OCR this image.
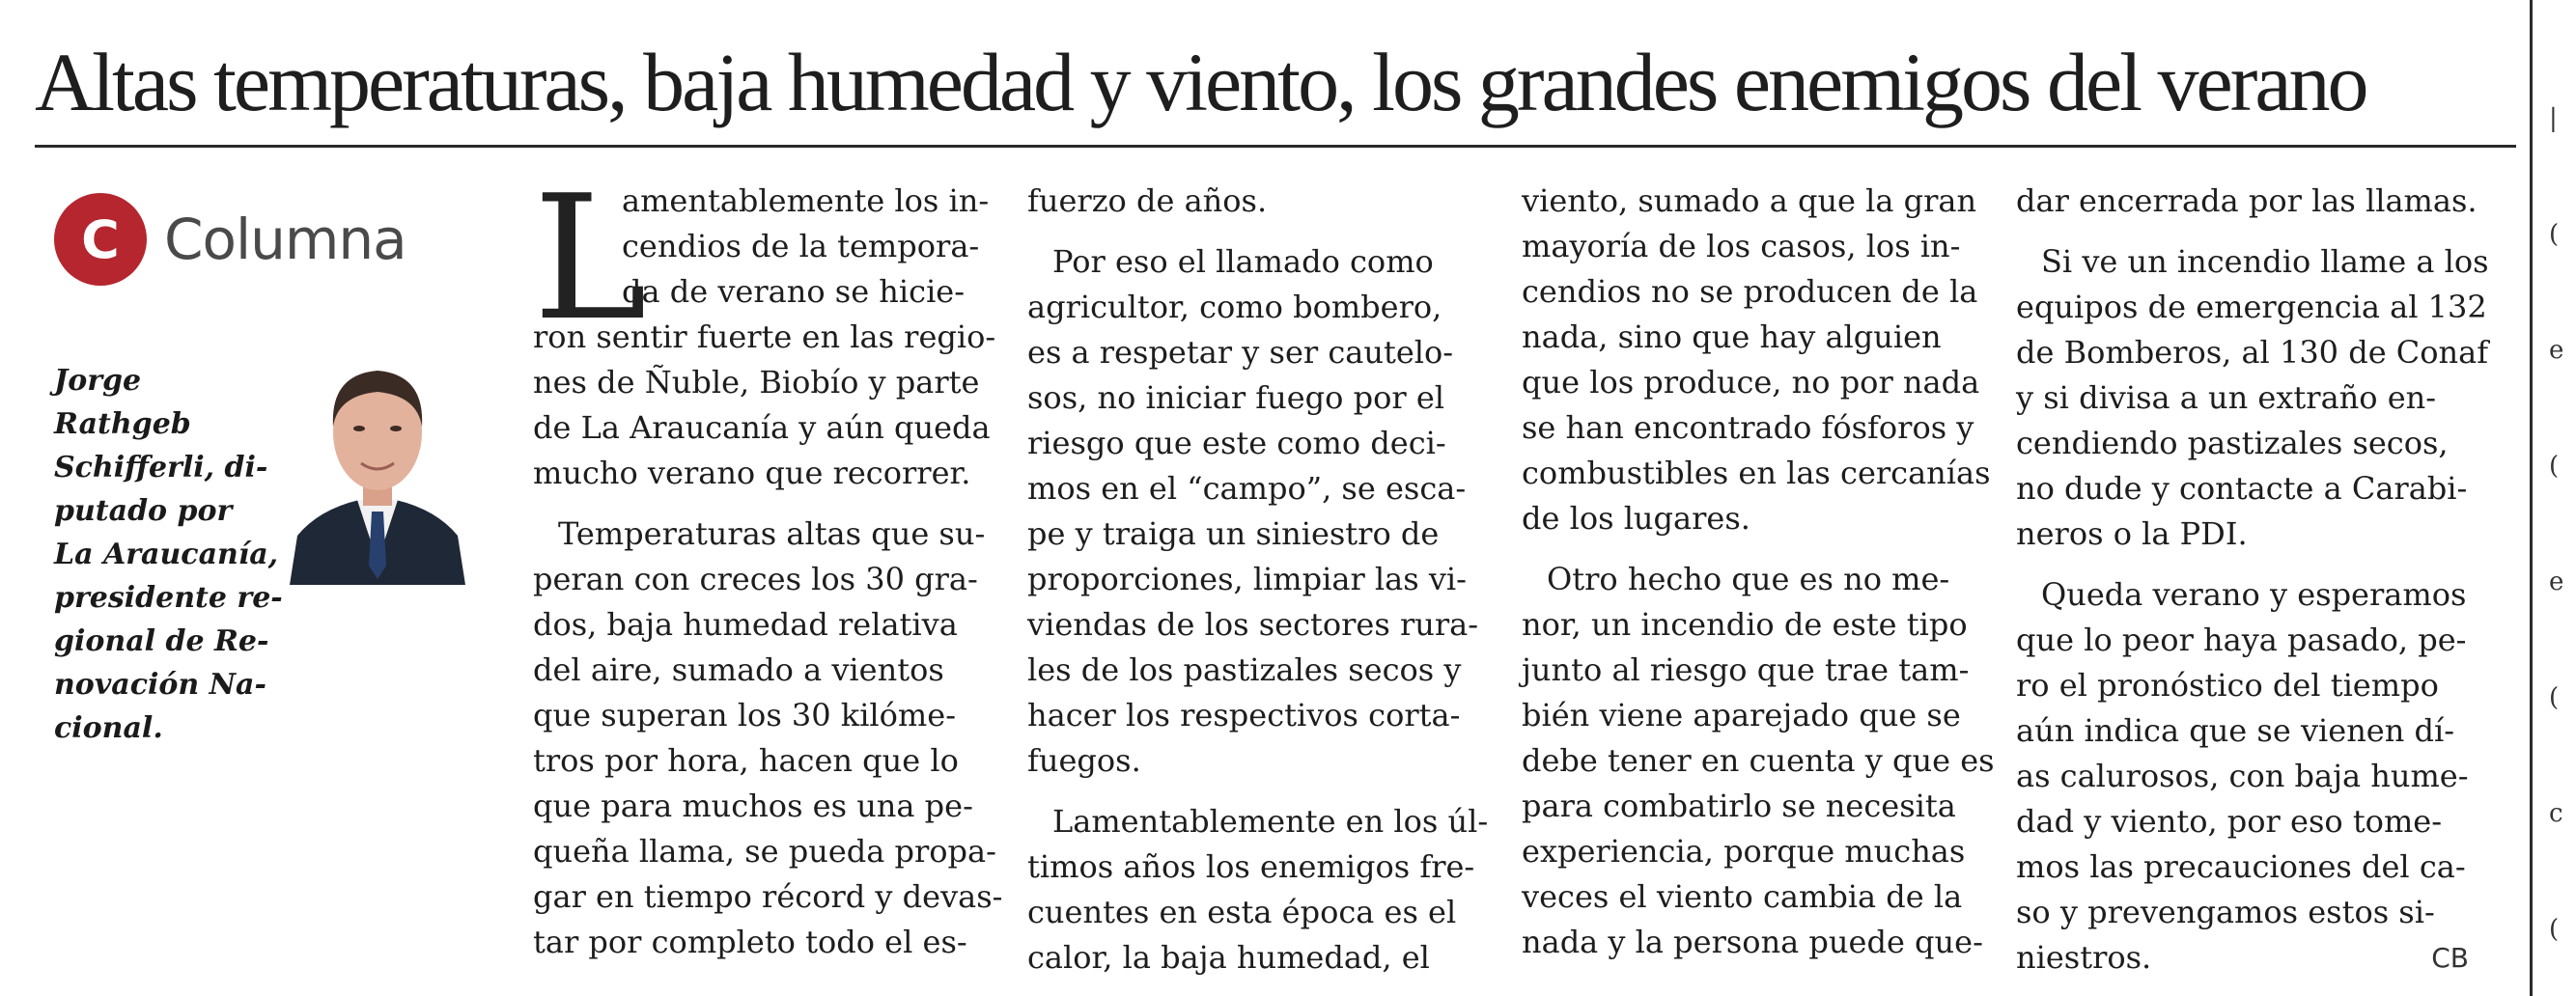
Altas temperaturas, baja humedad y viento, los grandes enemigos del verano	|
(
e
(
e
(
c
(
C Columna

Jorge
Rathgeb
Schifferli, di-
putado por
La Araucanía,
presidente re-
gional de Re-
novación Na-
cional.

L
amentablemente los in-
cendios de la tempora-
da de verano se hicie-
ron sentir fuerte en las regio-
nes de Ñuble, Biobío y parte
de La Araucanía y aún queda
mucho verano que recorrer.
Temperaturas altas que su-
peran con creces los 30 gra-
dos, baja humedad relativa
del aire, sumado a vientos
que superan los 30 kilóme-
tros por hora, hacen que lo
que para muchos es una pe-
queña llama, se pueda propa-
gar en tiempo récord y devas-
tar por completo todo el es-
fuerzo de años.
Por eso el llamado como
agricultor, como bombero,
es a respetar y ser cautelo-
sos, no iniciar fuego por el
riesgo que este como deci-
mos en el “campo”, se esca-
pe y traiga un siniestro de
proporciones, limpiar las vi-
viendas de los sectores rura-
les de los pastizales secos y
hacer los respectivos corta-
fuegos.
Lamentablemente en los úl-
timos años los enemigos fre-
cuentes en esta época es el
calor, la baja humedad, el
viento, sumado a que la gran
mayoría de los casos, los in-
cendios no se producen de la
nada, sino que hay alguien
que los produce, no por nada
se han encontrado fósforos y
combustibles en las cercanías
de los lugares.
Otro hecho que es no me-
nor, un incendio de este tipo
junto al riesgo que trae tam-
bién viene aparejado que se
debe tener en cuenta y que es
para combatirlo se necesita
experiencia, porque muchas
veces el viento cambia de la
nada y la persona puede que-
dar encerrada por las llamas.
Si ve un incendio llame a los
equipos de emergencia al 132
de Bomberos, al 130 de Conaf
y si divisa a un extraño en-
cendiendo pastizales secos,
no dude y contacte a Carabi-
neros o la PDI.
Queda verano y esperamos
que lo peor haya pasado, pe-
ro el pronóstico del tiempo
aún indica que se vienen dí-
as calurosos, con baja hume-
dad y viento, por eso tome-
mos las precauciones del ca-
so y prevengamos estos si-
niestros.	CB
